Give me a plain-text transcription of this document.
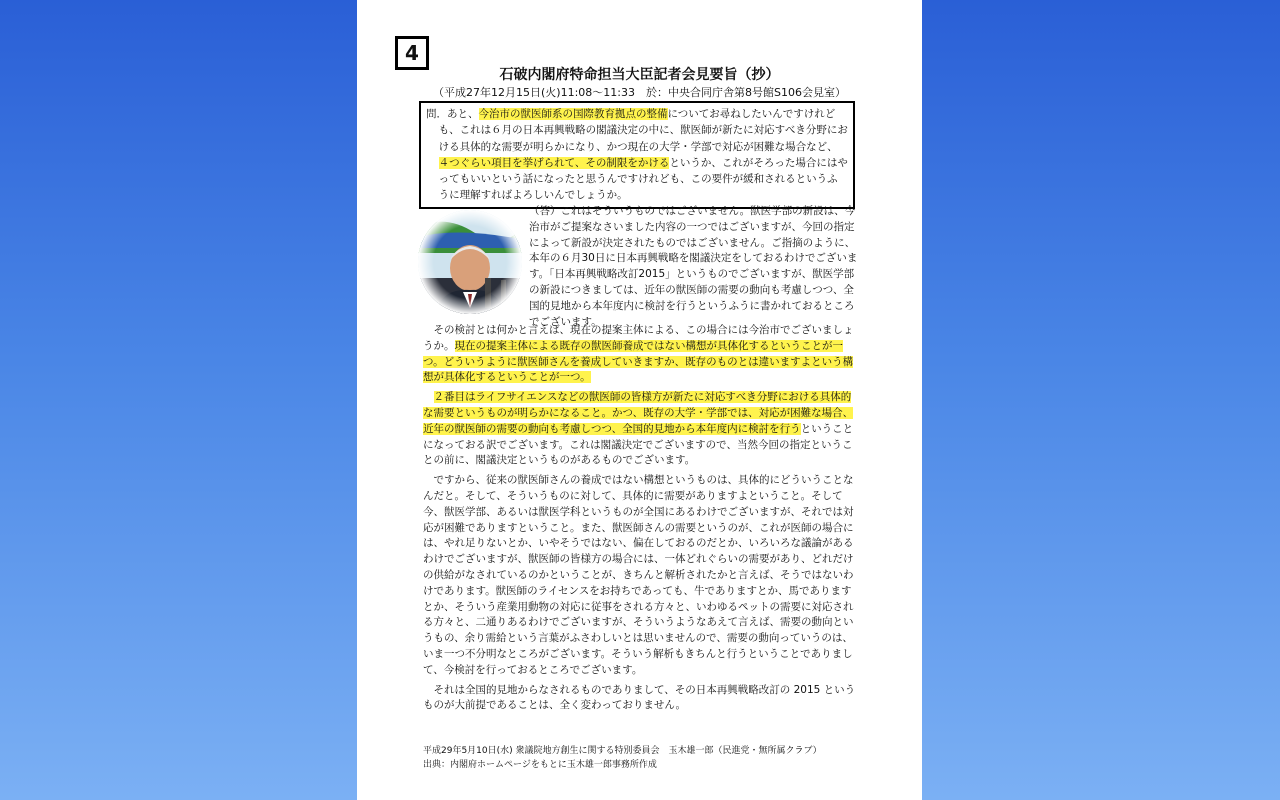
4
石破内閣府特命担当大臣記者会見要旨（抄）
（平成27年12月15日(火)11:08〜11:33　於：中央合同庁舎第8号館S106会見室）
問．あと、今治市の獣医師系の国際教育拠点の整備についてお尋ねしたいんですけれども、これは６月の日本再興戦略の閣議決定の中に、獣医師が新たに対応すべき分野における具体的な需要が明らかになり、かつ現在の大学・学部で対応が困難な場合など、４つぐらい項目を挙げられて、その制限をかけるというか、これがそろった場合にはやってもいいという話になったと思うんですけれども、この要件が緩和されるというふうに理解すればよろしいんでしょうか。
（答）これはそういうものではございません。獣医学部の新設は、今治市がご提案なさいました内容の一つではございますが、今回の指定によって新設が決定されたものではございません。ご指摘のように、本年の６月30日に日本再興戦略を閣議決定をしておるわけでございます。「日本再興戦略改訂2015」というものでございますが、獣医学部の新設につきましては、近年の獣医師の需要の動向も考慮しつつ、全国的見地から本年度内に検討を行うというふうに書かれておるところでございます。

その検討とは何かと言えば、現在の提案主体による、この場合には今治市でございましょうか。現在の提案主体による既存の獣医師養成ではない構想が具体化するということが一つ。どういうように獣医師さんを養成していきますか、既存のものとは違いますよという構想が具体化するということが一つ。

２番目はライフサイエンスなどの獣医師の皆様方が新たに対応すべき分野における具体的な需要というものが明らかになること。かつ、既存の大学・学部では、対応が困難な場合、近年の獣医師の需要の動向も考慮しつつ、全国的見地から本年度内に検討を行うということになっておる訳でございます。これは閣議決定でございますので、当然今回の指定ということの前に、閣議決定というものがあるものでございます。

ですから、従来の獣医師さんの養成ではない構想というものは、具体的にどういうことなんだと。そして、そういうものに対して、具体的に需要がありますよということ。そして今、獣医学部、あるいは獣医学科というものが全国にあるわけでございますが、それでは対応が困難でありますということ。また、獣医師さんの需要というのが、これが医師の場合には、やれ足りないとか、いやそうではない、偏在しておるのだとか、いろいろな議論があるわけでございますが、獣医師の皆様方の場合には、一体どれぐらいの需要があり、どれだけの供給がなされているのかということが、きちんと解析されたかと言えば、そうではないわけであります。獣医師のライセンスをお持ちであっても、牛でありますとか、馬でありますとか、そういう産業用動物の対応に従事をされる方々と、いわゆるペットの需要に対応される方々と、二通りあるわけでございますが、そういうようなあえて言えば、需要の動向というもの、余り需給という言葉がふさわしいとは思いませんので、需要の動向っていうのは、いま一つ不分明なところがございます。そういう解析もきちんと行うということでありまして、今検討を行っておるところでございます。

それは全国的見地からなされるものでありまして、その日本再興戦略改訂の 2015 というものが大前提であることは、全く変わっておりません。

平成29年5月10日(水) 衆議院地方創生に関する特別委員会　玉木雄一郎（民進党・無所属クラブ）
出典：内閣府ホームページをもとに玉木雄一郎事務所作成
